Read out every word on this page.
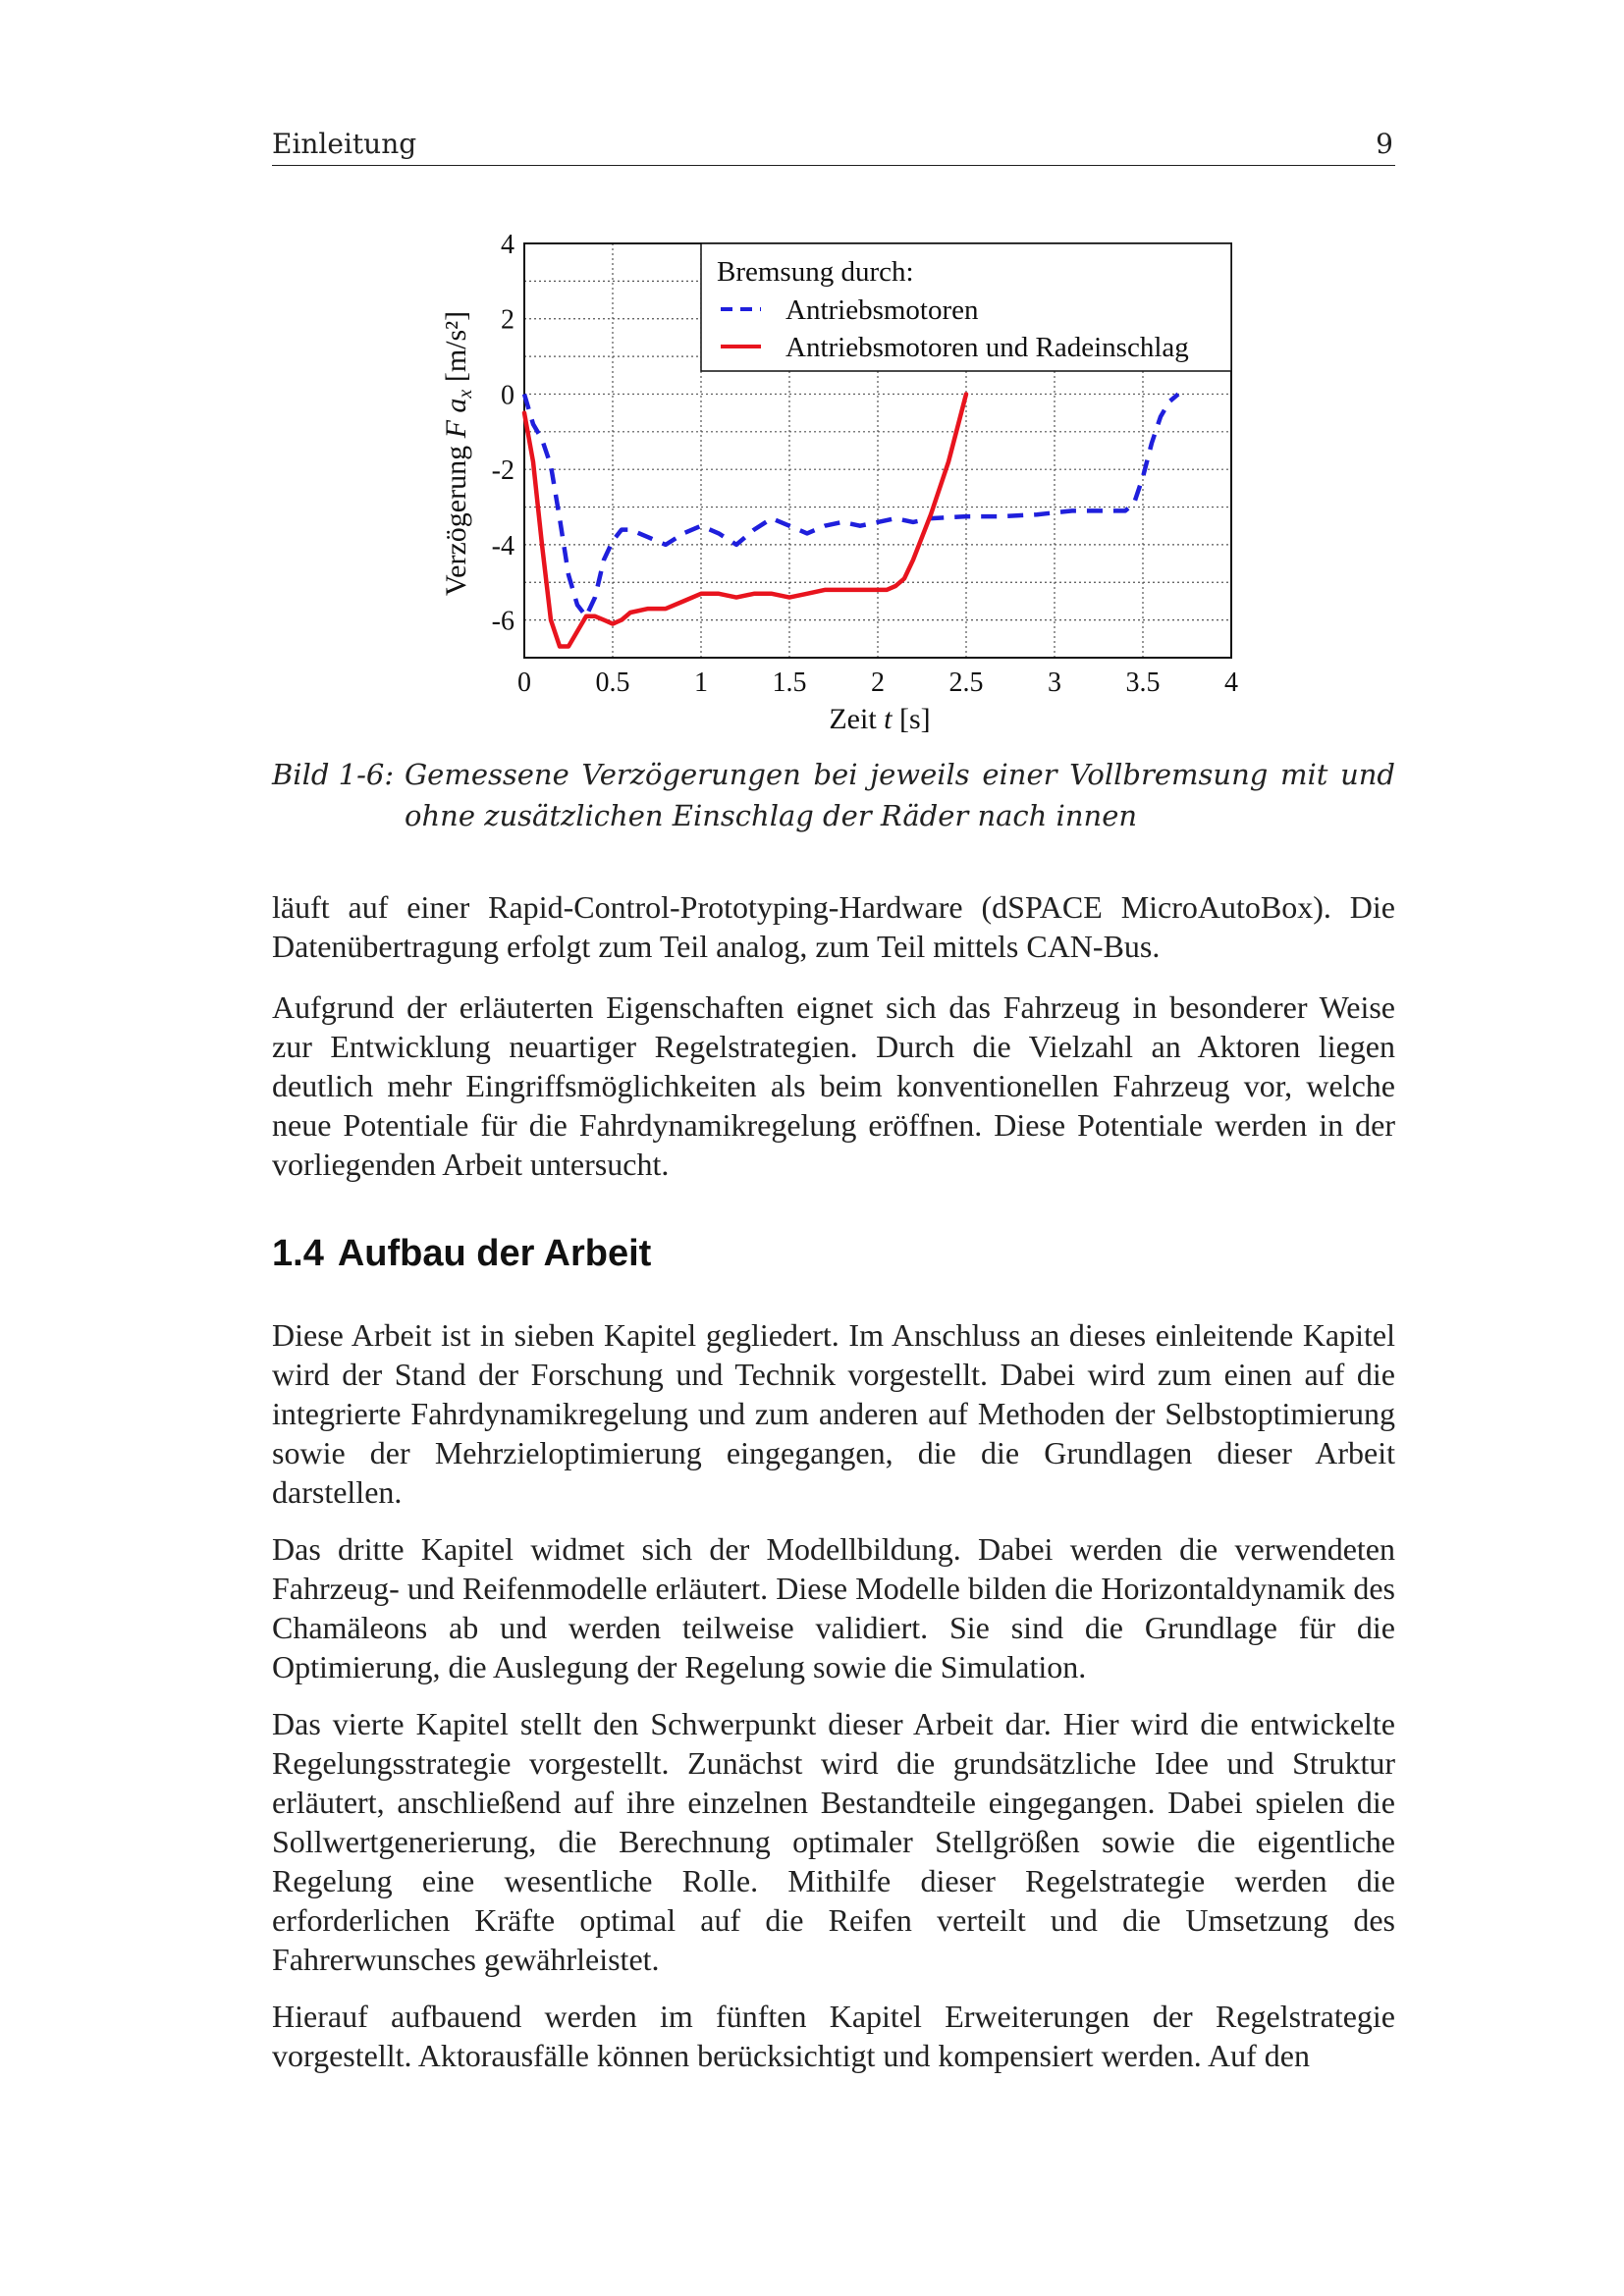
Einleitung	9
0 0.5 1 1.5 2 2.5 3 3.5 4
4
2
0
-2
-4
-6
Bremsung durch:
Antriebsmotoren
Antriebsmotoren und Radeinschlag
Zeit t [s]
Verzögerung F $a_x$ [m/s²]
Bild 1-6: Gemessene Verzögerungen bei jeweils einer Vollbremsung mit und ohne zusätzlichen Einschlag der Räder nach innen

läuft auf einer Rapid-Control-Prototyping-Hardware (dSPACE MicroAutoBox). Die Datenübertragung erfolgt zum Teil analog, zum Teil mittels CAN-Bus.

Aufgrund der erläuterten Eigenschaften eignet sich das Fahrzeug in besonderer Weise zur Entwicklung neuartiger Regelstrategien. Durch die Vielzahl an Aktoren liegen deutlich mehr Eingriffsmöglichkeiten als beim konventionellen Fahrzeug vor, welche neue Potentiale für die Fahrdynamikregelung eröffnen. Diese Potentiale werden in der vorliegenden Arbeit untersucht.

1.4 Aufbau der Arbeit

Diese Arbeit ist in sieben Kapitel gegliedert. Im Anschluss an dieses einleitende Kapitel wird der Stand der Forschung und Technik vorgestellt. Dabei wird zum einen auf die integrierte Fahrdynamikregelung und zum anderen auf Methoden der Selbstoptimierung sowie der Mehrzieloptimierung eingegangen, die die Grundlagen dieser Arbeit darstellen.

Das dritte Kapitel widmet sich der Modellbildung. Dabei werden die verwendeten Fahrzeug- und Reifenmodelle erläutert. Diese Modelle bilden die Horizontaldynamik des Chamäleons ab und werden teilweise validiert. Sie sind die Grundlage für die Optimierung, die Auslegung der Regelung sowie die Simulation.

Das vierte Kapitel stellt den Schwerpunkt dieser Arbeit dar. Hier wird die entwickelte Regelungsstrategie vorgestellt. Zunächst wird die grundsätzliche Idee und Struktur erläutert, anschließend auf ihre einzelnen Bestandteile eingegangen. Dabei spielen die Sollwertgenerierung, die Berechnung optimaler Stellgrößen sowie die eigentliche Regelung eine wesentliche Rolle. Mithilfe dieser Regelstrategie werden die erforderlichen Kräfte optimal auf die Reifen verteilt und die Umsetzung des Fahrerwunsches gewährleistet.

Hierauf aufbauend werden im fünften Kapitel Erweiterungen der Regelstrategie vorgestellt. Aktorausfälle können berücksichtigt und kompensiert werden. Auf den
